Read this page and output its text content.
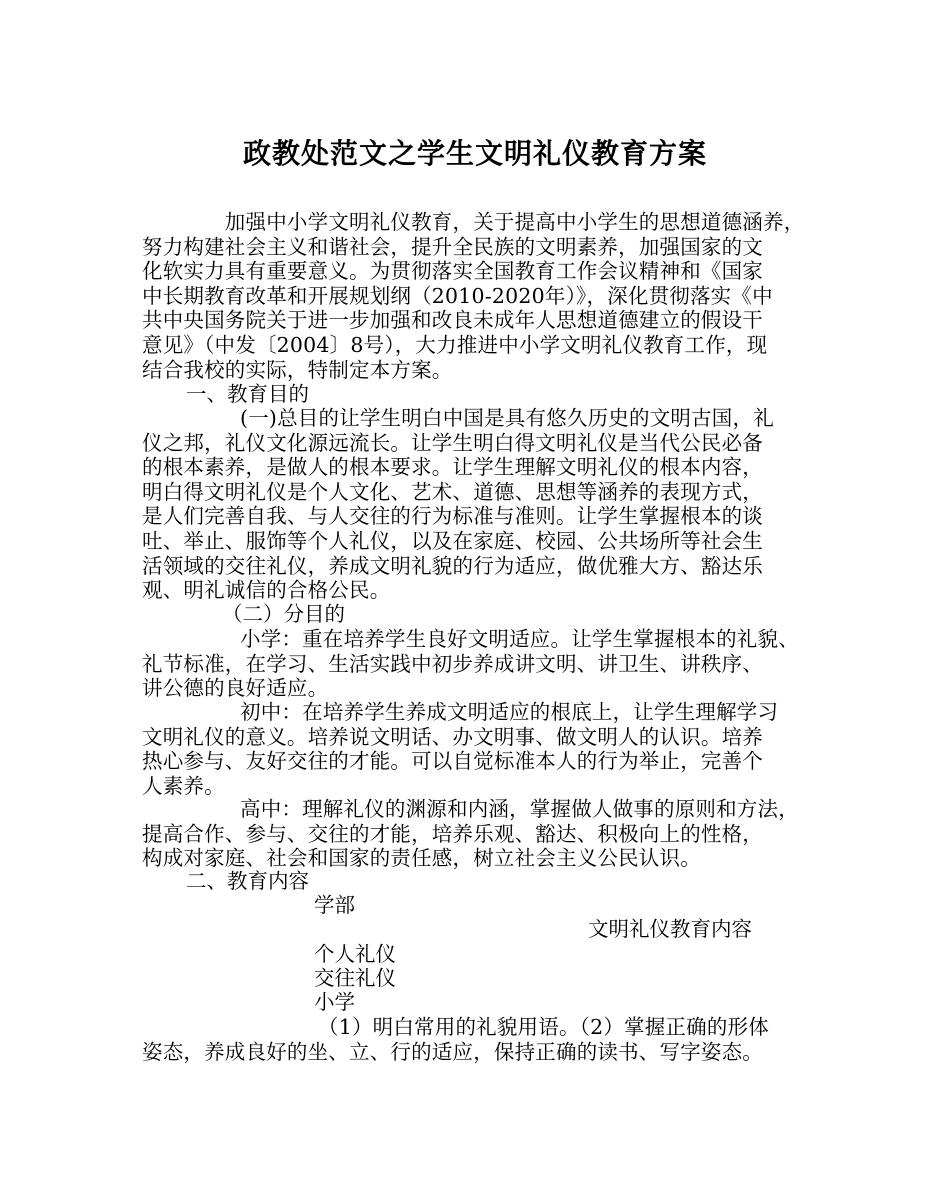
政教处范文之学生文明礼仪教育方案
　　　　加强中小学文明礼仪教育，关于提高中小学生的思想道德涵养，
努力构建社会主义和谐社会，提升全民族的文明素养，加强国家的文
化软实力具有重要意义。为贯彻落实全国教育工作会议精神和《国家
中长期教育改革和开展规划纲（2010-2020年）》，深化贯彻落实《中
共中央国务院关于进一步加强和改良未成年人思想道德建立的假设干
意见》（中发〔2004〕8号），大力推进中小学文明礼仪教育工作，现
结合我校的实际，特制定本方案。
一、教育目的
(一)总目的让学生明白中国是具有悠久历史的文明古国，礼
仪之邦，礼仪文化源远流长。让学生明白得文明礼仪是当代公民必备
的根本素养，是做人的根本要求。让学生理解文明礼仪的根本内容，
明白得文明礼仪是个人文化、艺术、道德、思想等涵养的表现方式，
是人们完善自我、与人交往的行为标准与准则。让学生掌握根本的谈
吐、举止、服饰等个人礼仪，以及在家庭、校园、公共场所等社会生
活领域的交往礼仪，养成文明礼貌的行为适应，做优雅大方、豁达乐
观、明礼诚信的合格公民。
（二）分目的
小学：重在培养学生良好文明适应。让学生掌握根本的礼貌、
礼节标准，在学习、生活实践中初步养成讲文明、讲卫生、讲秩序、
讲公德的良好适应。
初中：在培养学生养成文明适应的根底上，让学生理解学习
文明礼仪的意义。培养说文明话、办文明事、做文明人的认识。培养
热心参与、友好交往的才能。可以自觉标准本人的行为举止，完善个
人素养。
高中：理解礼仪的渊源和内涵，掌握做人做事的原则和方法，
提高合作、参与、交往的才能，培养乐观、豁达、积极向上的性格，
构成对家庭、社会和国家的责任感，树立社会主义公民认识。
二、教育内容
学部
文明礼仪教育内容
个人礼仪
交往礼仪
小学
（1）明白常用的礼貌用语。（2）掌握正确的形体
姿态，养成良好的坐、立、行的适应，保持正确的读书、写字姿态。
